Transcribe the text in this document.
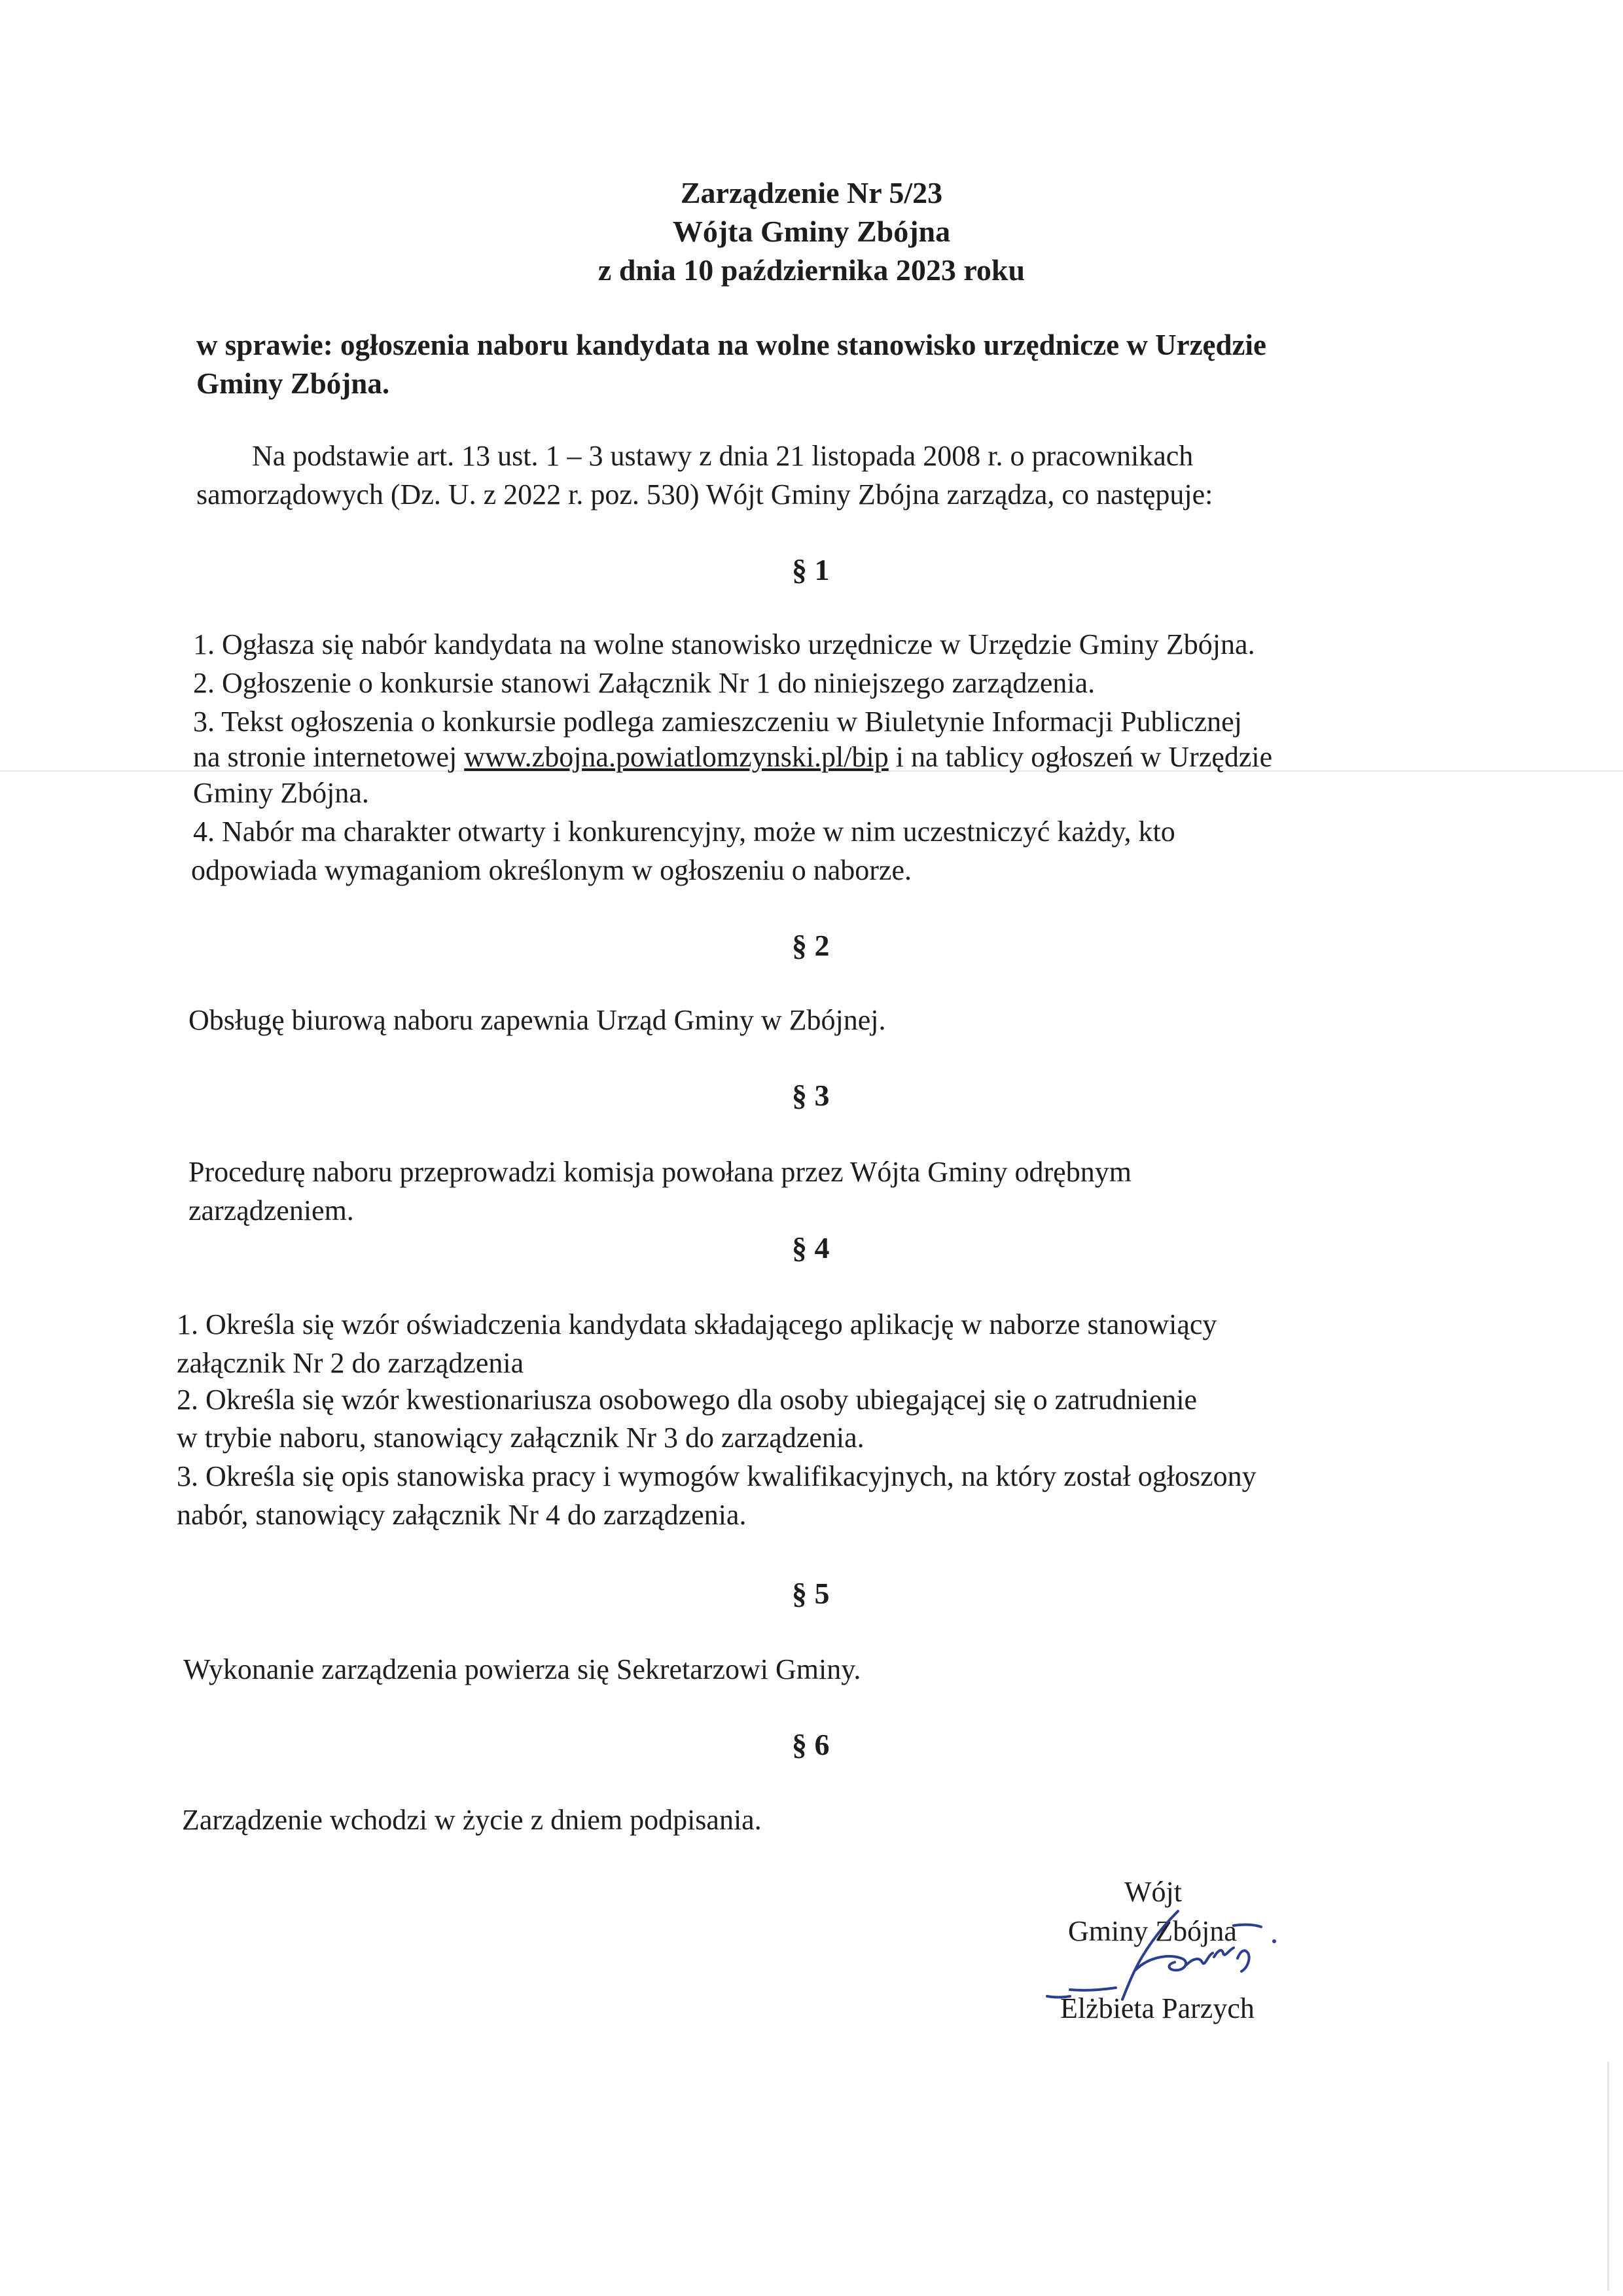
Zarządzenie Nr 5/23
Wójta Gminy Zbójna
z dnia 10 października 2023 roku
w sprawie: ogłoszenia naboru kandydata na wolne stanowisko urzędnicze w Urzędzie
Gminy Zbójna.
Na podstawie art. 13 ust. 1 – 3 ustawy z dnia 21 listopada 2008 r. o pracownikach
samorządowych (Dz. U. z 2022 r. poz. 530) Wójt Gminy Zbójna zarządza, co następuje:
§ 1
1. Ogłasza się nabór kandydata na wolne stanowisko urzędnicze w Urzędzie Gminy Zbójna.
2. Ogłoszenie o konkursie stanowi Załącznik Nr 1 do niniejszego zarządzenia.
3. Tekst ogłoszenia o konkursie podlega zamieszczeniu w Biuletynie Informacji Publicznej
na stronie internetowej www.zbojna.powiatlomzynski.pl/bip i na tablicy ogłoszeń w Urzędzie
Gminy Zbójna.
4. Nabór ma charakter otwarty i konkurencyjny, może w nim uczestniczyć każdy, kto
odpowiada wymaganiom określonym w ogłoszeniu o naborze.
§ 2
Obsługę biurową naboru zapewnia Urząd Gminy w Zbójnej.
§ 3
Procedurę naboru przeprowadzi komisja powołana przez Wójta Gminy odrębnym
zarządzeniem.
§ 4
1. Określa się wzór oświadczenia kandydata składającego aplikację w naborze stanowiący
załącznik Nr 2 do zarządzenia
2. Określa się wzór kwestionariusza osobowego dla osoby ubiegającej się o zatrudnienie
w trybie naboru, stanowiący załącznik Nr 3 do zarządzenia.
3. Określa się opis stanowiska pracy i wymogów kwalifikacyjnych, na który został ogłoszony
nabór, stanowiący załącznik Nr 4 do zarządzenia.
§ 5
Wykonanie zarządzenia powierza się Sekretarzowi Gminy.
§ 6
Zarządzenie wchodzi w życie z dniem podpisania.
Wójt
Gminy Zbójna
Elżbieta Parzych
